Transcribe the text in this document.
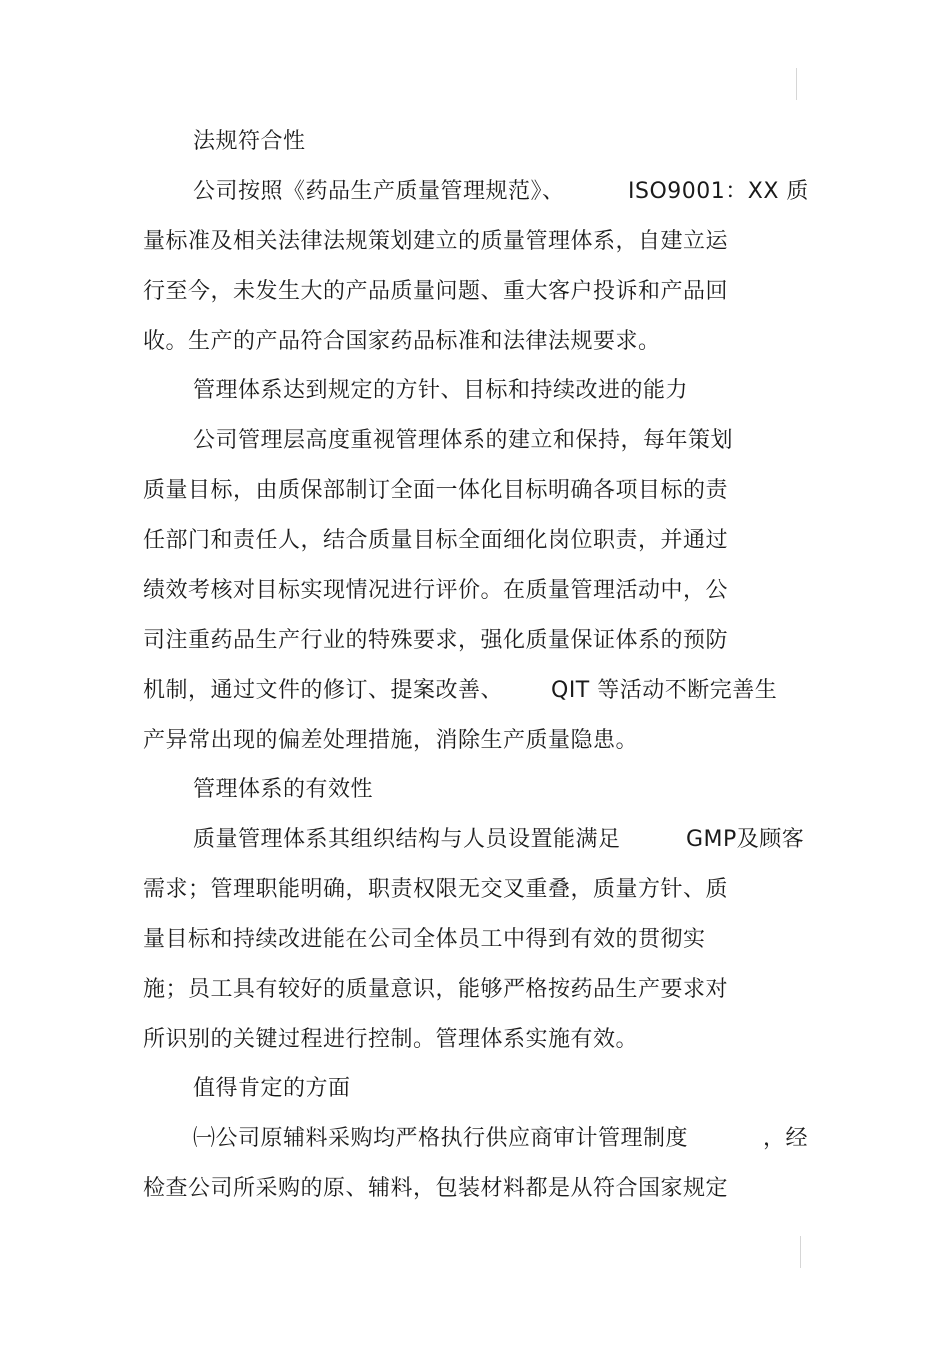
法规符合性
公司按照《药品生产质量管理规范》、	ISO9001：XX 质
量标准及相关法律法规策划建立的质量管理体系，自建立运
行至今，未发生大的产品质量问题、重大客户投诉和产品回
收。生产的产品符合国家药品标准和法律法规要求。
管理体系达到规定的方针、目标和持续改进的能力
公司管理层高度重视管理体系的建立和保持，每年策划
质量目标，由质保部制订全面一体化目标明确各项目标的责
任部门和责任人，结合质量目标全面细化岗位职责，并通过
绩效考核对目标实现情况进行评价。在质量管理活动中，公
司注重药品生产行业的特殊要求，强化质量保证体系的预防
机制，通过文件的修订、提案改善、 QIT 等活动不断完善生
产异常出现的偏差处理措施，消除生产质量隐患。
管理体系的有效性
质量管理体系其组织结构与人员设置能满足	GMP及顾客
需求；管理职能明确，职责权限无交叉重叠，质量方针、质
量目标和持续改进能在公司全体员工中得到有效的贯彻实
施；员工具有较好的质量意识，能够严格按药品生产要求对
所识别的关键过程进行控制。管理体系实施有效。
值得肯定的方面
㈠公司原辅料采购均严格执行供应商审计管理制度	，经
检查公司所采购的原、辅料，包装材料都是从符合国家规定
